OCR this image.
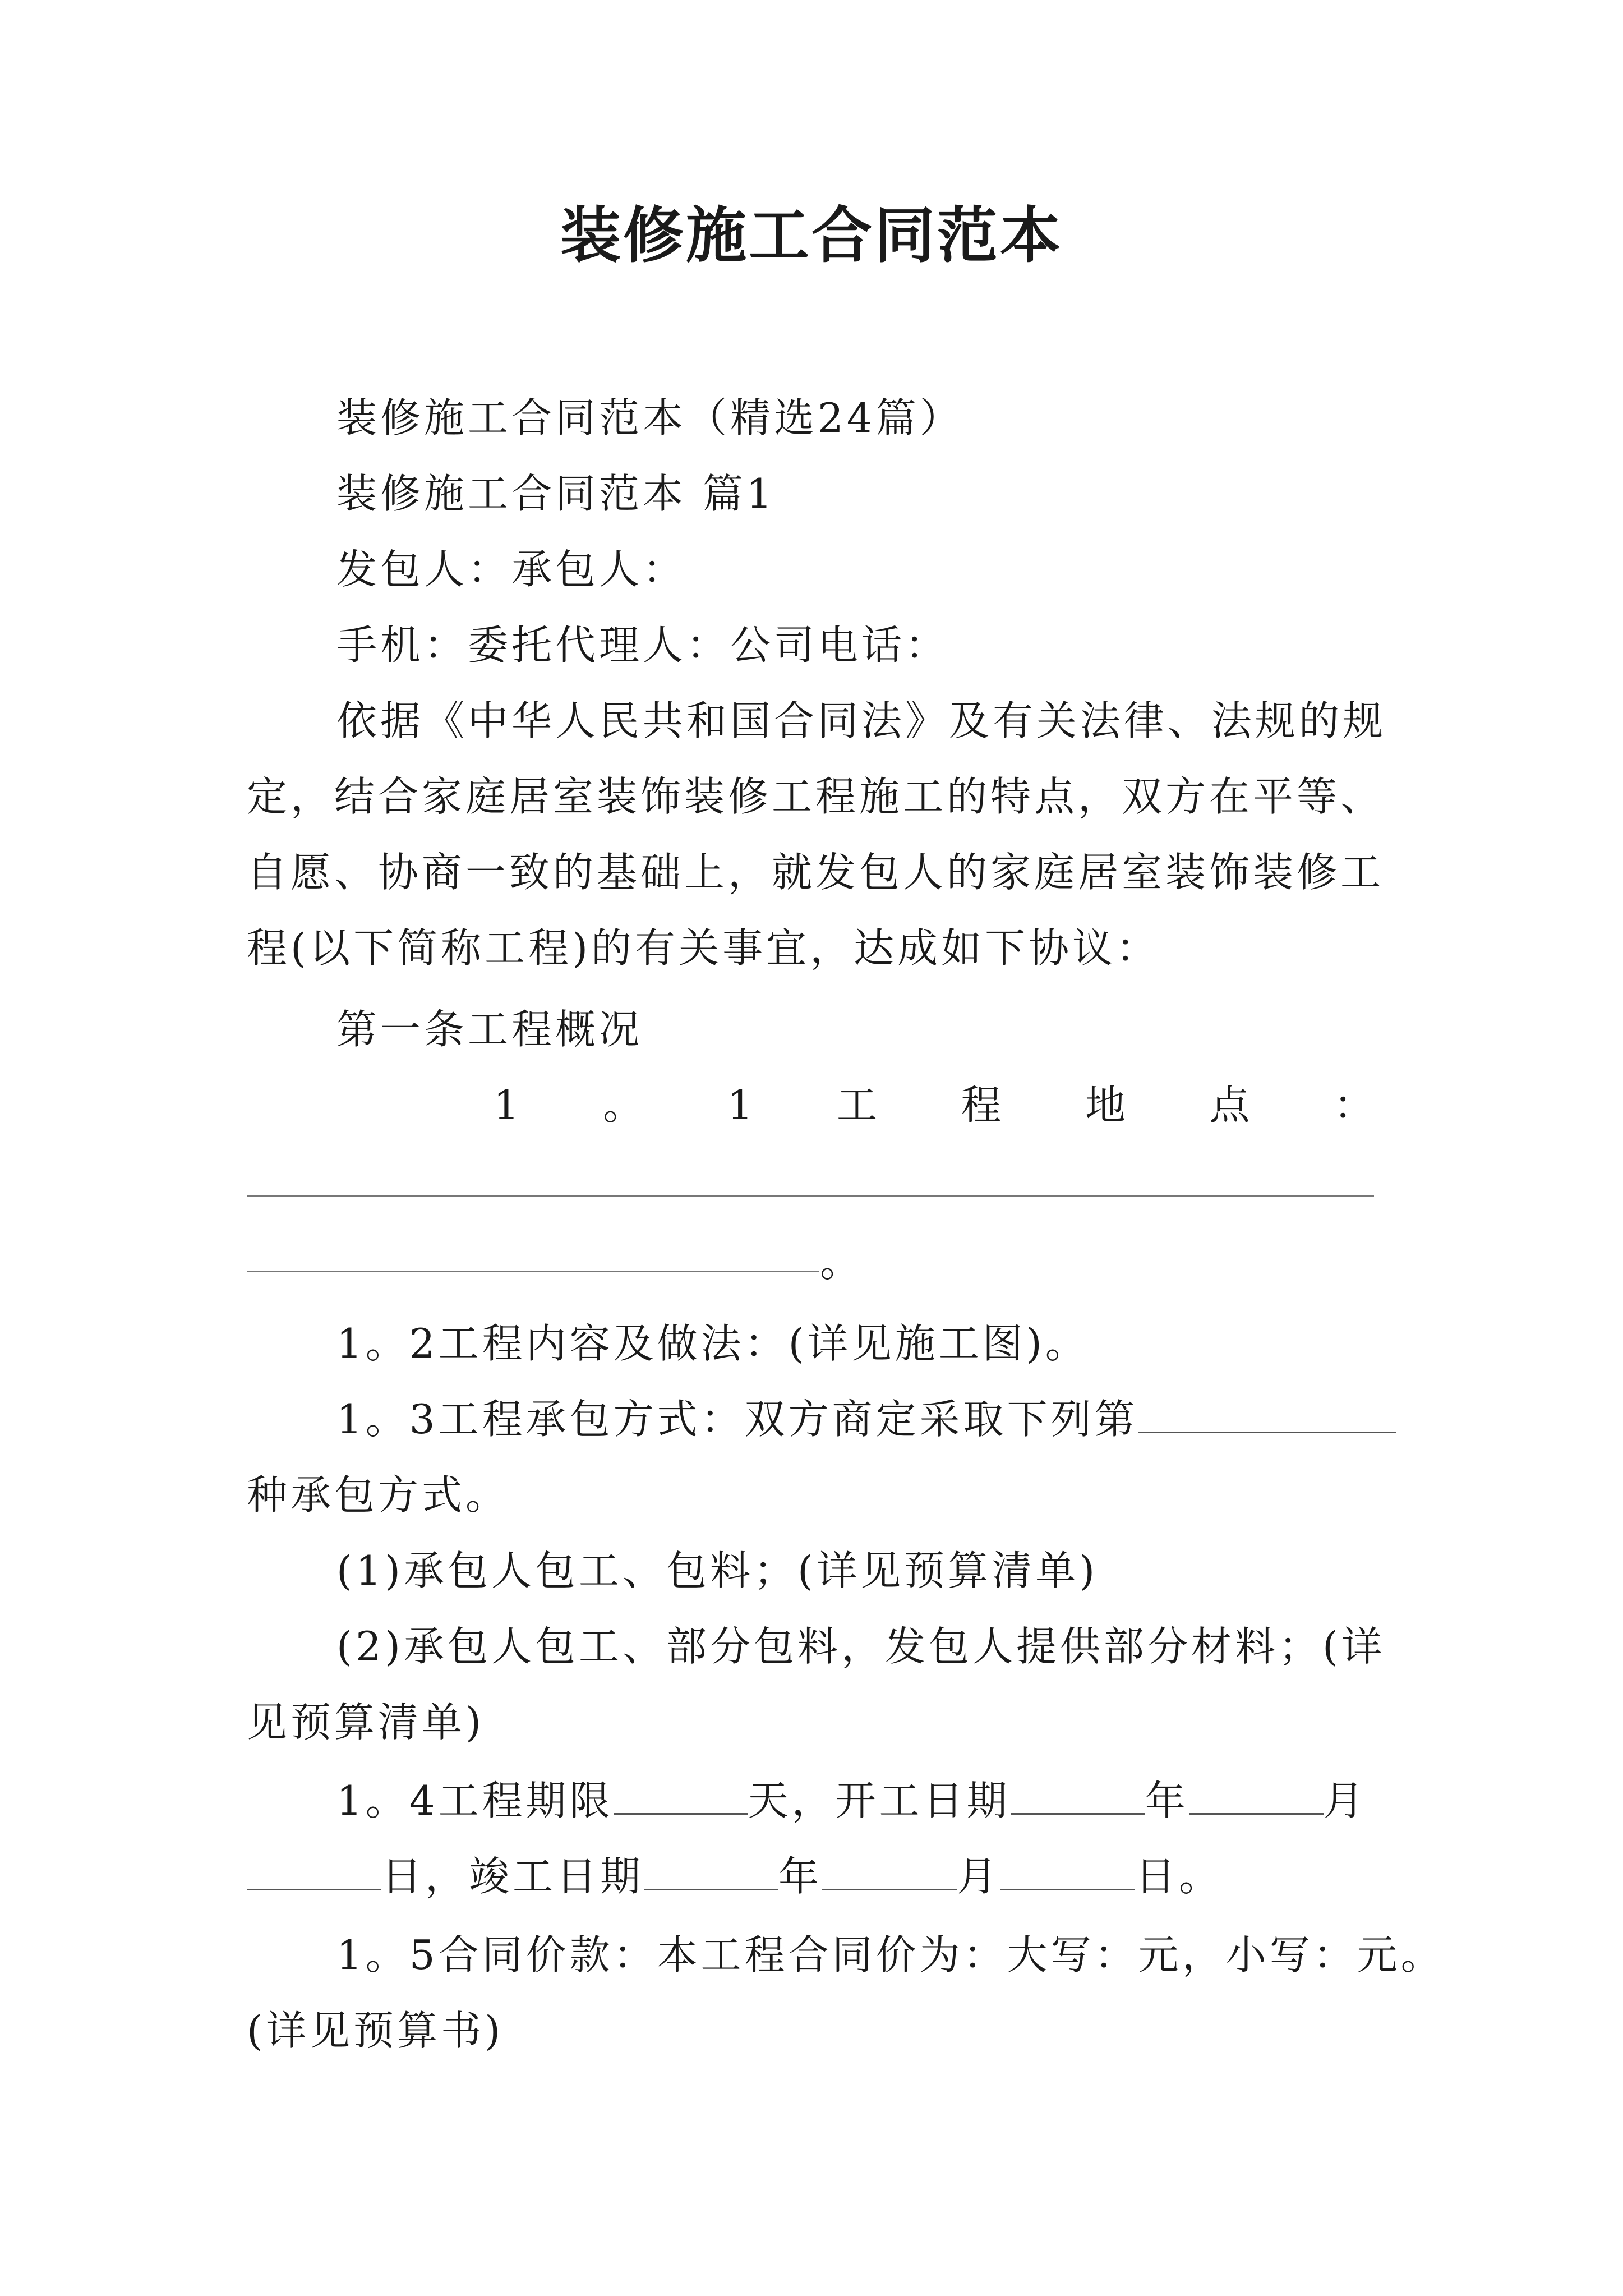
装修施工合同范本
装修施工合同范本（精选24篇）
装修施工合同范本 篇1
发包人：承包人：
手机：委托代理人：公司电话：
依据《中华人民共和国合同法》及有关法律、法规的规
定，结合家庭居室装饰装修工程施工的特点，双方在平等、
自愿、协商一致的基础上，就发包人的家庭居室装饰装修工
程(以下简称工程)的有关事宜，达成如下协议：
第一条工程概况
1 。 1 工 程 地 点 ：
。
1。2工程内容及做法：(详见施工图)。
1。3工程承包方式：双方商定采取下列第
种承包方式。
(1)承包人包工、包料；(详见预算清单)
(2)承包人包工、部分包料，发包人提供部分材料；(详
见预算清单)
1。4工程期限	天，开工日期	年	月
日，竣工日期	年	月	日。
1。5合同价款：本工程合同价为：大写：元，小写：元。
(详见预算书)
